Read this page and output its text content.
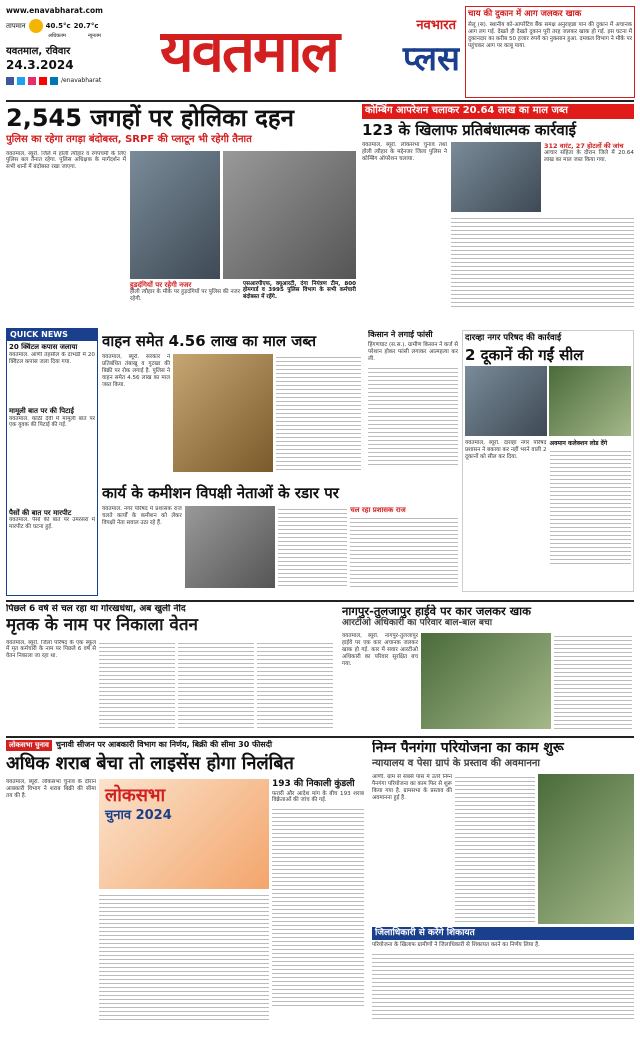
www.enavabharat.com
तापमान	40.5°c 20.7°c
अधिकतम	न्यूनतम
यवतमाल, रविवार
24.3.2024
/enavabharat यवतमाल	नवभारत
प्लस
चाय की दुकान में आग जलकर खाक
सेलू (स). स्थानीय को-आपरेटिव बैंक समक्ष अनुराहन्ना पान की दुकान में अचानक आग लग गई. देखते ही देखते दुकान पूरी तरह जलकर खाक हो गई. इस घटना में दुकानदार का करीब 50 हजार रुपये का नुकसान हुआ. दमकल विभाग ने मौके पर पहुंचकर आग पर काबू पाया.
2,545 जगहों पर होलिका दहन
पुलिस का रहेगा तगड़ा बंदोबस्त, SRPF की प्लाटून भी रहेगी तैनात
यवतमाल, ब्यूरो. जिले में होली त्यौहार व रंगपंचमी के लिए पुलिस बल तैनात रहेगा. पुलिस अधिक्षक के मार्गदर्शन में सभी थानों में बंदोबस्त रखा जाएगा.
हुडदंगियों पर रहेगी नजर
होली त्यौहार के मौके पर हुड़दंगियों पर पुलिस की नजर रहेगी.
एसआरपीएफ, क्यूआरटी, दंगा नियंत्रण टीम, 800 होमगार्ड व 3995 पुलिस विभाग के सभी कर्मचारी बंदोबस्त में रहेंगे.
कोम्बिंग आपरेशन चलाकर 20.64 लाख का माल जब्त
123 के खिलाफ प्रतिबंधात्मक कार्रवाई
यवतमाल, ब्यूरो. लोकसभा चुनाव तथा होली त्यौहार के मद्देनजर जिला पुलिस ने कोम्बिंग ऑपरेशन चलाया.
312 वारंट, 27 होटलों की जांच
आचार संहिता के दौरान जिले में 20.64 लाख का माल जब्त किया गया.
QUICK NEWS
20 क्विंटल कपास जलाया
यवतमाल. आर्णी तहसील के दाभडी में 20 क्विंटल कपास जला दिया गया.
मामूली बात पर की पिटाई
यवतमाल. कोठी देवी में मामूली बात पर एक युवक की पिटाई की गई.
पैसों की बात पर मारपीट
यवतमाल. पैसों की बात पर उमरसरा में मारपीट की घटना हुई.
वाहन समेत 4.56 लाख का माल जब्त
यवतमाल, ब्यूरो. सरकार ने प्रतिबंधित तंबाखू व गुटखा की बिक्री पर रोक लगाई है. पुलिस ने वाहन समेत 4.56 लाख का माल जब्त किया.
किसान ने लगाई फांसी
हिंगणघाट (स.स.). ग्रामीण किसान ने कर्ज से परेशान होकर फांसी लगाकर आत्महत्या कर ली.
दारव्हा नगर परिषद की कार्रवाई
2 दूकानें की गईं सील
यवतमाल, ब्यूरो. दारव्हा नगर परिषद प्रशासन ने बकाया कर नहीं भरने वाली 2 दूकानों को सील कर दिया.
अवमान कलेक्शन लोड देंगे
कार्य के कमीशन विपक्षी नेताओं के रडार पर
यवतमाल. नगर परिषद में प्रशासक राज चलते कार्यों के कमीशन को लेकर विपक्षी नेता सवाल उठा रहे हैं.
चल रहा प्रशासक राज
पिछले 6 वर्ष से चल रहा था गोरखधंधा, अब खुली नींद
मृतक के नाम पर निकाला वेतन
यवतमाल, ब्यूरो. जिला परिषद के एक स्कूल में मृत कर्मचारी के नाम पर पिछले 6 वर्ष से वेतन निकाला जा रहा था.
नागपुर-तुलजापुर हाईवे पर कार जलकर खाक
आरटीओ अधिकारी का परिवार बाल-बाल बचा
यवतमाल, ब्यूरो. नागपुर-तुलजापुर हाईवे पर एक कार अचानक जलकर खाक हो गई. कार में सवार आरटीओ अधिकारी का परिवार सुरक्षित बच गया.
लोकसभा चुनाव चुनावी सीजन पर आबकारी विभाग का निर्णय, बिक्री की सीमा 30 फीसदी
अधिक शराब बेचा तो लाइसेंस होगा निलंबित
यवतमाल, ब्यूरो. लोकसभा चुनाव के दौरान आबकारी विभाग ने शराब बिक्री की सीमा तय की है.	लोकसभा
चुनाव 2024
193 की निकाली कुंडली
फरारी और आदेश मांग के बीच 193 शराब विक्रेताओं की जांच की गई.
निम्न पैनगंगा परियोजना का काम शुरू
न्यायालय व पेसा ग्रापं के प्रस्ताव की अवमानना
आर्णी. ग्राम से सबसे पास में उतरे निम्न पैनगंगा परियोजना का काम फिर से शुरू किया गया है. ग्रामसभा के प्रस्ताव की अवमानना हुई है.
जिलाधिकारी से करेंगे शिकायत
परियोजना के खिलाफ ग्रामीणों ने जिलाधिकारी से शिकायत करने का निर्णय लिया है.
